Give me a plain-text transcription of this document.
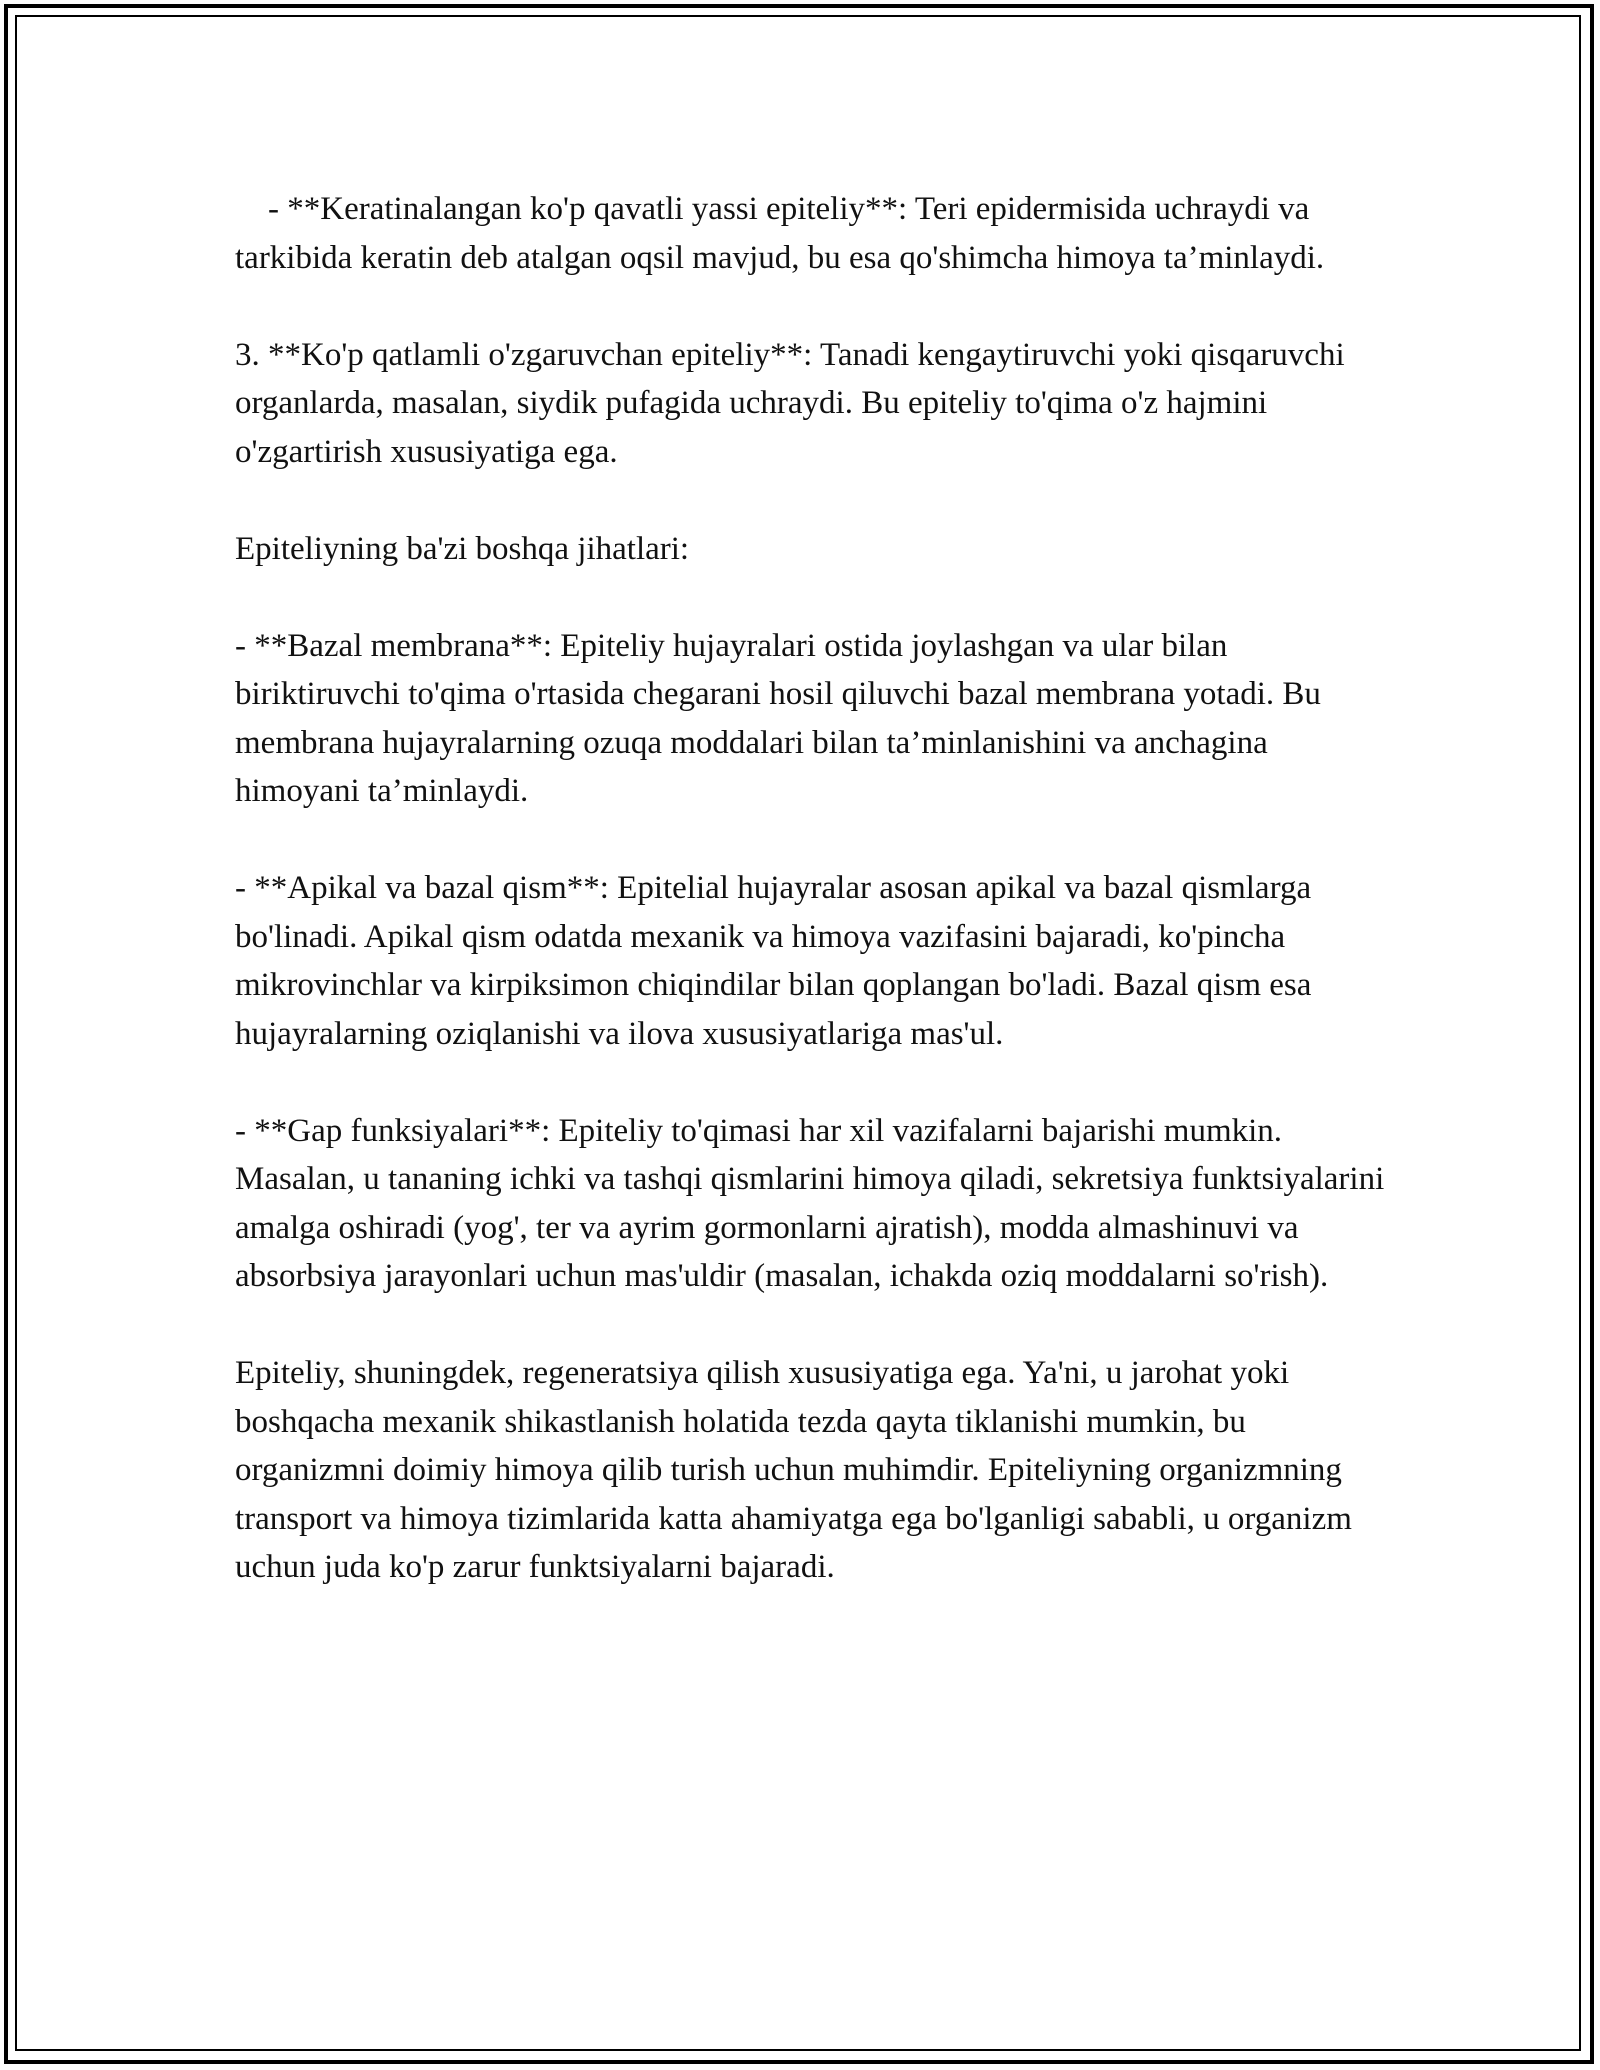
- **Keratinalangan ko'p qavatli yassi epiteliy**: Teri epidermisida uchraydi va tarkibida keratin deb atalgan oqsil mavjud, bu esa qo'shimcha himoya ta’minlaydi.

3. **Ko'p qatlamli o'zgaruvchan epiteliy**: Tanadi kengaytiruvchi yoki qisqaruvchi organlarda, masalan, siydik pufagida uchraydi. Bu epiteliy to'qima o'z hajmini o'zgartirish xususiyatiga ega.

Epiteliyning ba'zi boshqa jihatlari:

- **Bazal membrana**: Epiteliy hujayralari ostida joylashgan va ular bilan biriktiruvchi to'qima o'rtasida chegarani hosil qiluvchi bazal membrana yotadi. Bu membrana hujayralarning ozuqa moddalari bilan ta’minlanishini va anchagina himoyani ta’minlaydi.

- **Apikal va bazal qism**: Epitelial hujayralar asosan apikal va bazal qismlarga bo'linadi. Apikal qism odatda mexanik va himoya vazifasini bajaradi, ko'pincha mikrovinchlar va kirpiksimon chiqindilar bilan qoplangan bo'ladi. Bazal qism esa hujayralarning oziqlanishi va ilova xususiyatlariga mas'ul.

- **Gap funksiyalari**: Epiteliy to'qimasi har xil vazifalarni bajarishi mumkin. Masalan, u tananing ichki va tashqi qismlarini himoya qiladi, sekretsiya funktsiyalarini amalga oshiradi (yog', ter va ayrim gormonlarni ajratish), modda almashinuvi va absorbsiya jarayonlari uchun mas'uldir (masalan, ichakda oziq moddalarni so'rish).

Epiteliy, shuningdek, regeneratsiya qilish xususiyatiga ega. Ya'ni, u jarohat yoki boshqacha mexanik shikastlanish holatida tezda qayta tiklanishi mumkin, bu organizmni doimiy himoya qilib turish uchun muhimdir. Epiteliyning organizmning transport va himoya tizimlarida katta ahamiyatga ega bo'lganligi sababli, u organizm uchun juda ko'p zarur funktsiyalarni bajaradi.
